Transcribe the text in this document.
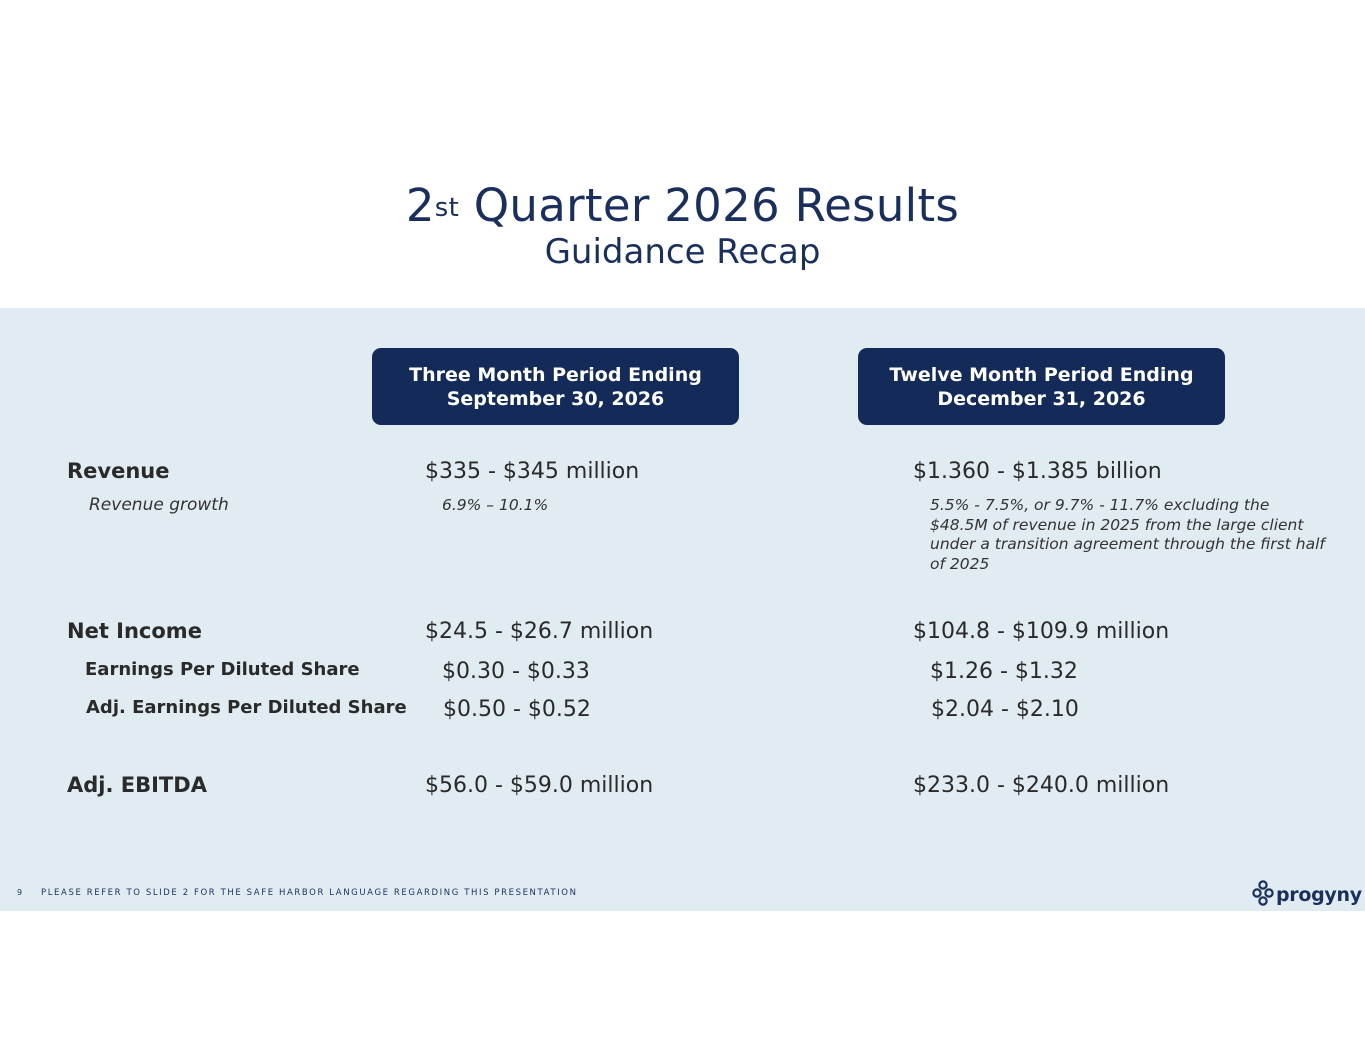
2st Quarter 2026 Results
Guidance Recap
Three Month Period Ending
September 30, 2026
Twelve Month Period Ending
December 31, 2026
Revenue	$335 - $345 million	$1.360 - $1.385 billion
Revenue growth	6.9% – 10.1%	5.5% - 7.5%, or 9.7% - 11.7% excluding the $48.5M of revenue in 2025 from the large client under a transition agreement through the first half of 2025
Net Income	$24.5 - $26.7 million	$104.8 - $109.9 million
Earnings Per Diluted Share	$0.30 - $0.33	$1.26 - $1.32
Adj. Earnings Per Diluted Share $0.50 - $0.52	$2.04 - $2.10
Adj. EBITDA	$56.0 - $59.0 million	$233.0 - $240.0 million
9 PLEASE REFER TO SLIDE 2 FOR THE SAFE HARBOR LANGUAGE REGARDING THIS PRESENTATION	progyny
